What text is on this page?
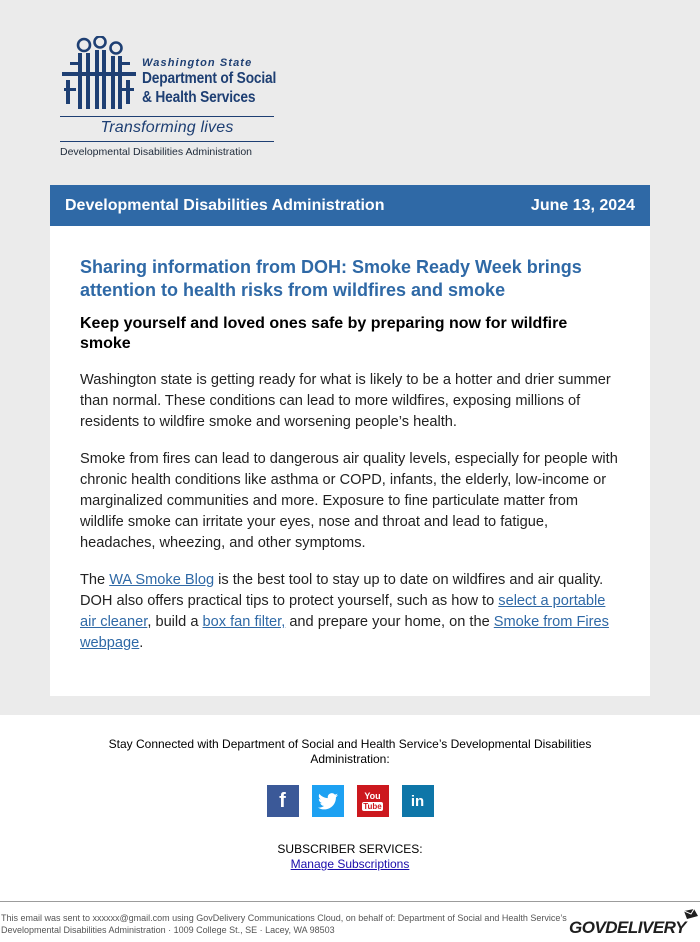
Washington State
Department of Social
& Health Services
Transforming lives
Developmental Disabilities Administration
Developmental Disabilities Administration	June 13, 2024
Sharing information from DOH: Smoke Ready Week brings attention to health risks from wildfires and smoke
Keep yourself and loved ones safe by preparing now for wildfire smoke

Washington state is getting ready for what is likely to be a hotter and drier summer than normal. These conditions can lead to more wildfires, exposing millions of residents to wildfire smoke and worsening people’s health.

Smoke from fires can lead to dangerous air quality levels, especially for people with chronic health conditions like asthma or COPD, infants, the elderly, low-income or marginalized communities and more. Exposure to fine particulate matter from wildlife smoke can irritate your eyes, nose and throat and lead to fatigue, headaches, wheezing, and other symptoms.

The WA Smoke Blog is the best tool to stay up to date on wildfires and air quality. DOH also offers practical tips to protect yourself, such as how to select a portable air cleaner, build a box fan filter, and prepare your home, on the Smoke from Fires webpage.

Stay Connected with Department of Social and Health Service’s Developmental Disabilities Administration:
f	You
Tube in
SUBSCRIBER SERVICES:
Manage Subscriptions
This email was sent to xxxxxx@gmail.com using GovDelivery Communications Cloud, on behalf of: Department of Social and Health Service’s Developmental Disabilities Administration · 1009 College St., SE · Lacey, WA 98503	GOVDELIVERY
